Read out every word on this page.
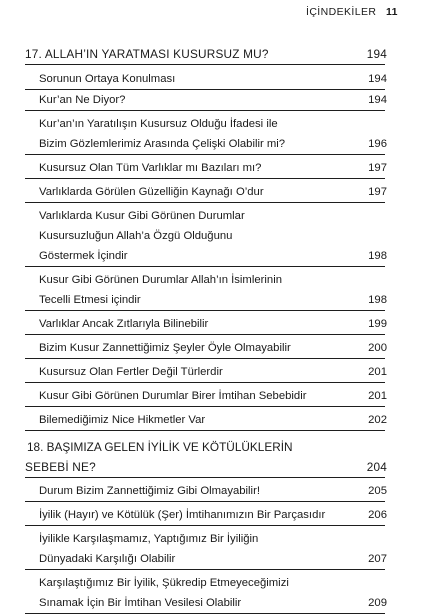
İÇİNDEKİLER 11
17. ALLAH’IN YARATMASI KUSURSUZ MU?	194
Sorunun Ortaya Konulması	194
Kur’an Ne Diyor?	194
Kur’an’ın Yaratılışın Kusursuz Olduğu İfadesi ile
Bizim Gözlemlerimiz Arasında Çelişki Olabilir mi?	196
Kusursuz Olan Tüm Varlıklar mı Bazıları mı?	197
Varlıklarda Görülen Güzelliğin Kaynağı O’dur	197
Varlıklarda Kusur Gibi Görünen Durumlar
Kusursuzluğun Allah’a Özgü Olduğunu
Göstermek İçindir	198
Kusur Gibi Görünen Durumlar Allah’ın İsimlerinin
Tecelli Etmesi içindir	198
Varlıklar Ancak Zıtlarıyla Bilinebilir	199
Bizim Kusur Zannettiğimiz Şeyler Öyle Olmayabilir	200
Kusursuz Olan Fertler Değil Türlerdir	201
Kusur Gibi Görünen Durumlar Birer İmtihan Sebebidir	201
Bilemediğimiz Nice Hikmetler Var	202
18. BAŞIMIZA GELEN İYİLİK VE KÖTÜLÜKLERİN
SEBEBİ NE?	204
Durum Bizim Zannettiğimiz Gibi Olmayabilir!	205
İyilik (Hayır) ve Kötülük (Şer) İmtihanımızın Bir Parçasıdır	206
İyilikle Karşılaşmamız, Yaptığımız Bir İyiliğin
Dünyadaki Karşılığı Olabilir	207
Karşılaştığımız Bir İyilik, Şükredip Etmeyeceğimizi
Sınamak İçin Bir İmtihan Vesilesi Olabilir	209
